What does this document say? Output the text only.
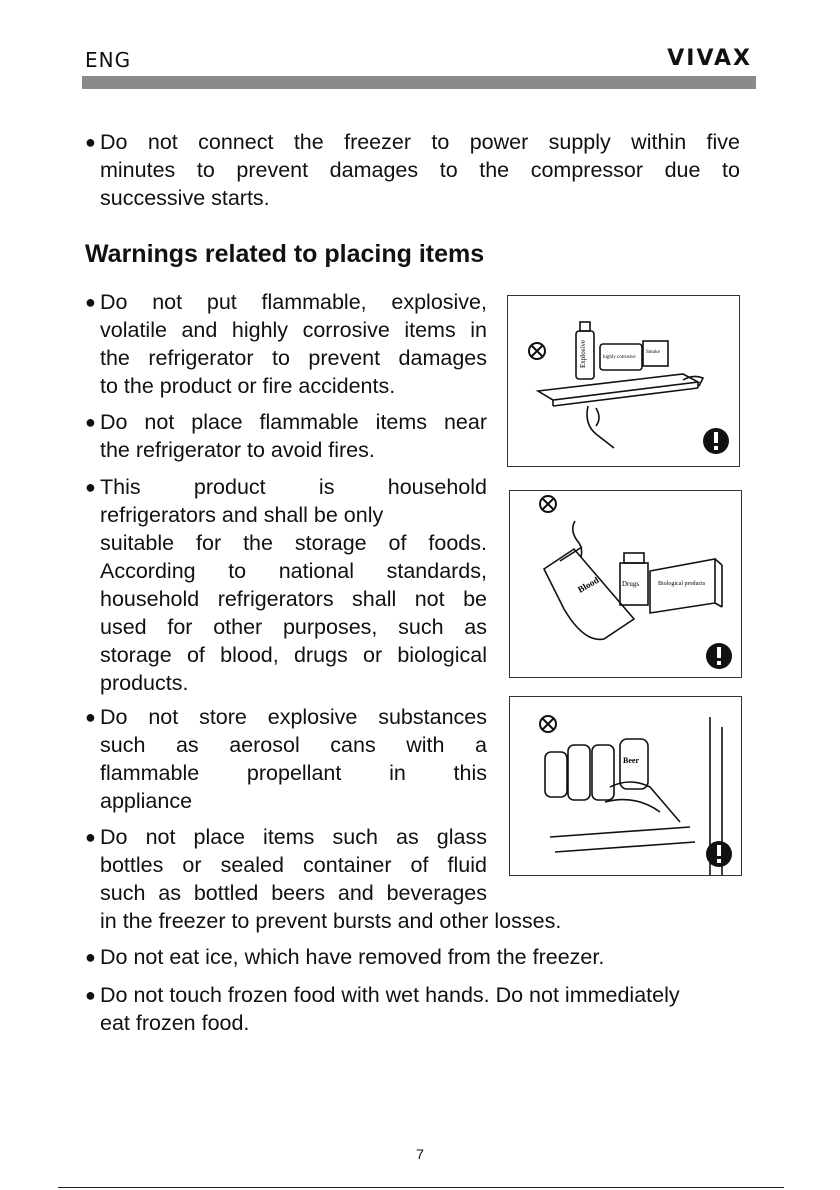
ENG	VIVAX
● Do not connect the freezer to power supply within five
minutes to prevent damages to the compressor due to
successive starts.
Warnings related to placing items
● Do not put flammable, explosive,
volatile and highly corrosive items in
the refrigerator to prevent damages
to the product or fire accidents.
● Do not place flammable items near
the refrigerator to avoid fires.
● This product is household
refrigerators and shall be only
suitable for the storage of foods.
According to national standards,
household refrigerators shall not be
used for other purposes, such as
storage of blood, drugs or biological
products.
● Do not store explosive substances
such as aerosol cans with a
flammable propellant in this
appliance
● Do not place items such as glass
bottles or sealed container of fluid
such as bottled beers and beverages
in the freezer to prevent bursts and other losses.
● Do not eat ice, which have removed from the freezer.
● Do not touch frozen food with wet hands. Do not immediately
eat frozen food.
Explosive	highly corrosive
Smoke
Blood	Drugs	Biological products
Beer
7
